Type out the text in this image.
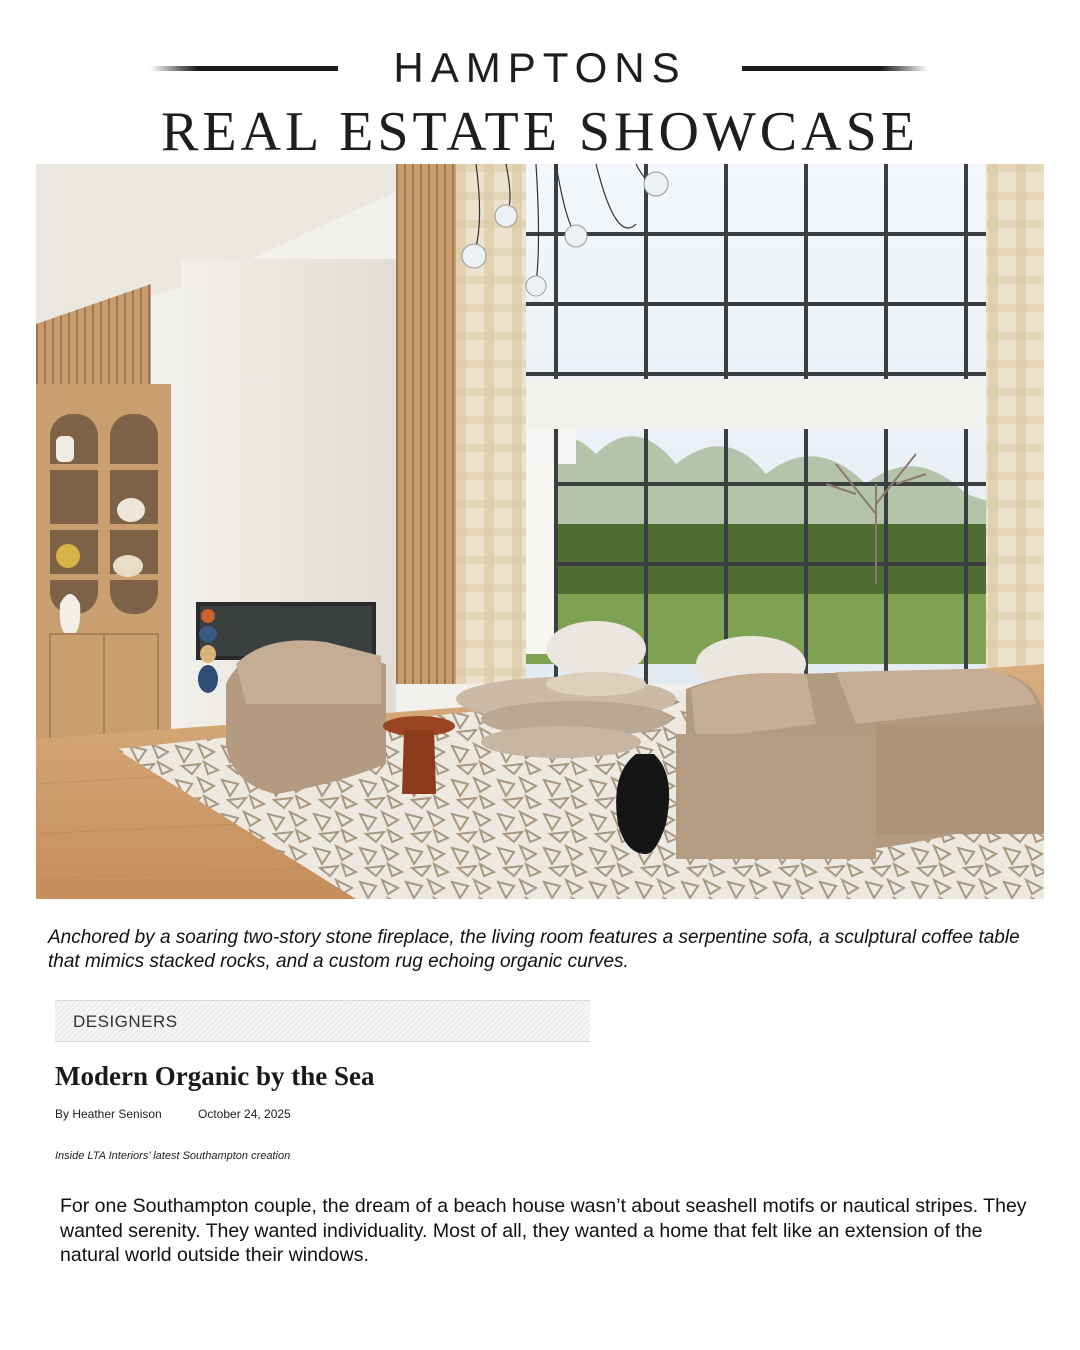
HAMPTONS
REAL ESTATE SHOWCASE

Anchored by a soaring two-story stone fireplace, the living room features a serpentine sofa, a sculptural coffee table that mimics stacked rocks, and a custom rug echoing organic curves.

DESIGNERS
Modern Organic by the Sea
By Heather Senison	October 24, 2025
Inside LTA Interiors’ latest Southampton creation

For one Southampton couple, the dream of a beach house wasn’t about seashell motifs or nautical stripes. They wanted serenity. They wanted individuality. Most of all, they wanted a home that felt like an extension of the natural world outside their windows.
